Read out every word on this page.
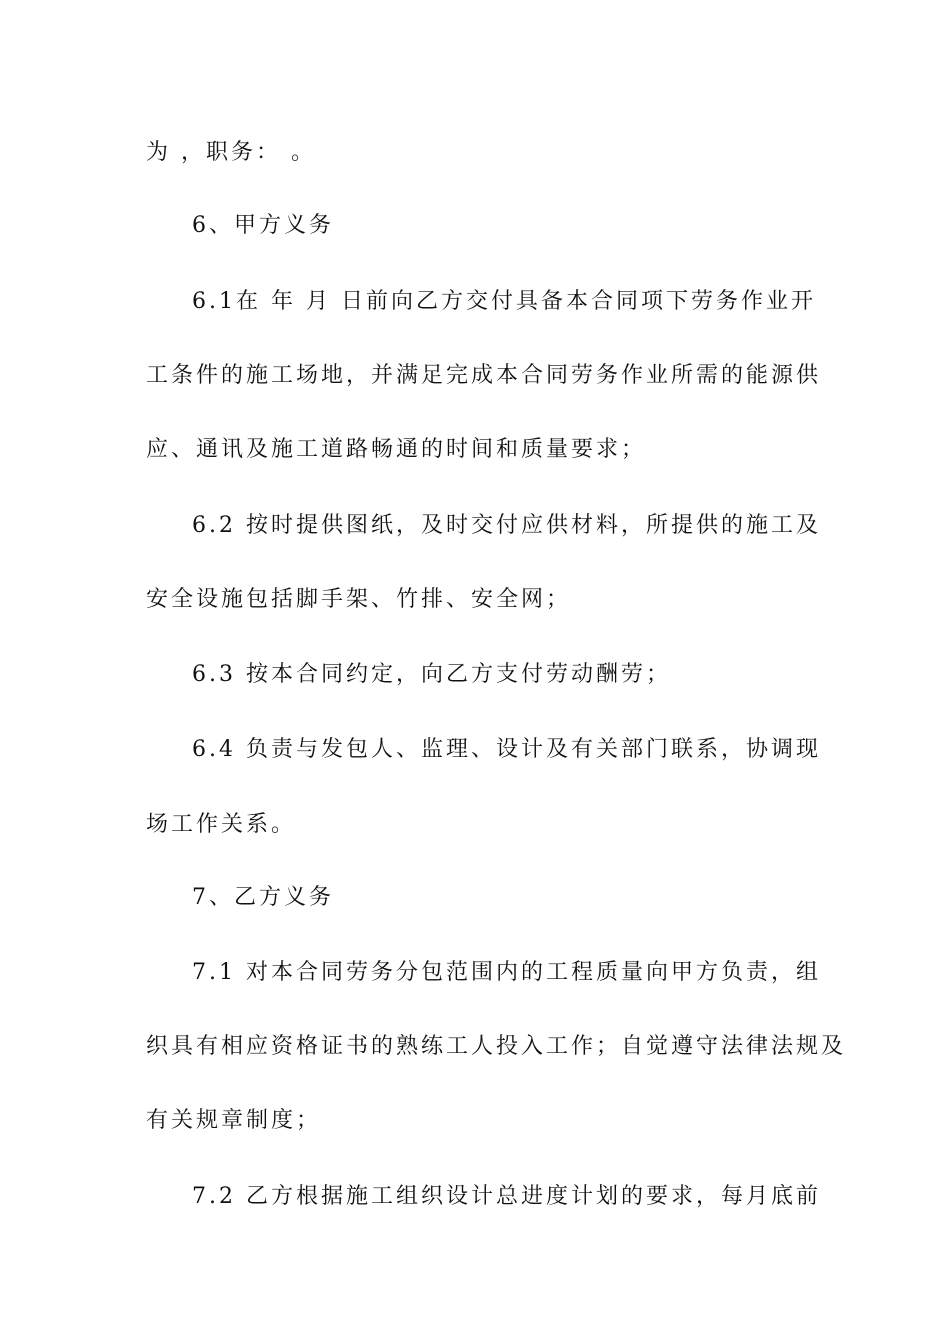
为 ，职务： 。
6、甲方义务
6.1在 年 月 日前向乙方交付具备本合同项下劳务作业开
工条件的施工场地，并满足完成本合同劳务作业所需的能源供
应、通讯及施工道路畅通的时间和质量要求；
6.2 按时提供图纸，及时交付应供材料，所提供的施工及
安全设施包括脚手架、竹排、安全网；
6.3 按本合同约定，向乙方支付劳动酬劳；
6.4 负责与发包人、监理、设计及有关部门联系，协调现
场工作关系。
7、乙方义务
7.1 对本合同劳务分包范围内的工程质量向甲方负责，组
织具有相应资格证书的熟练工人投入工作；自觉遵守法律法规及
有关规章制度；
7.2 乙方根据施工组织设计总进度计划的要求，每月底前
